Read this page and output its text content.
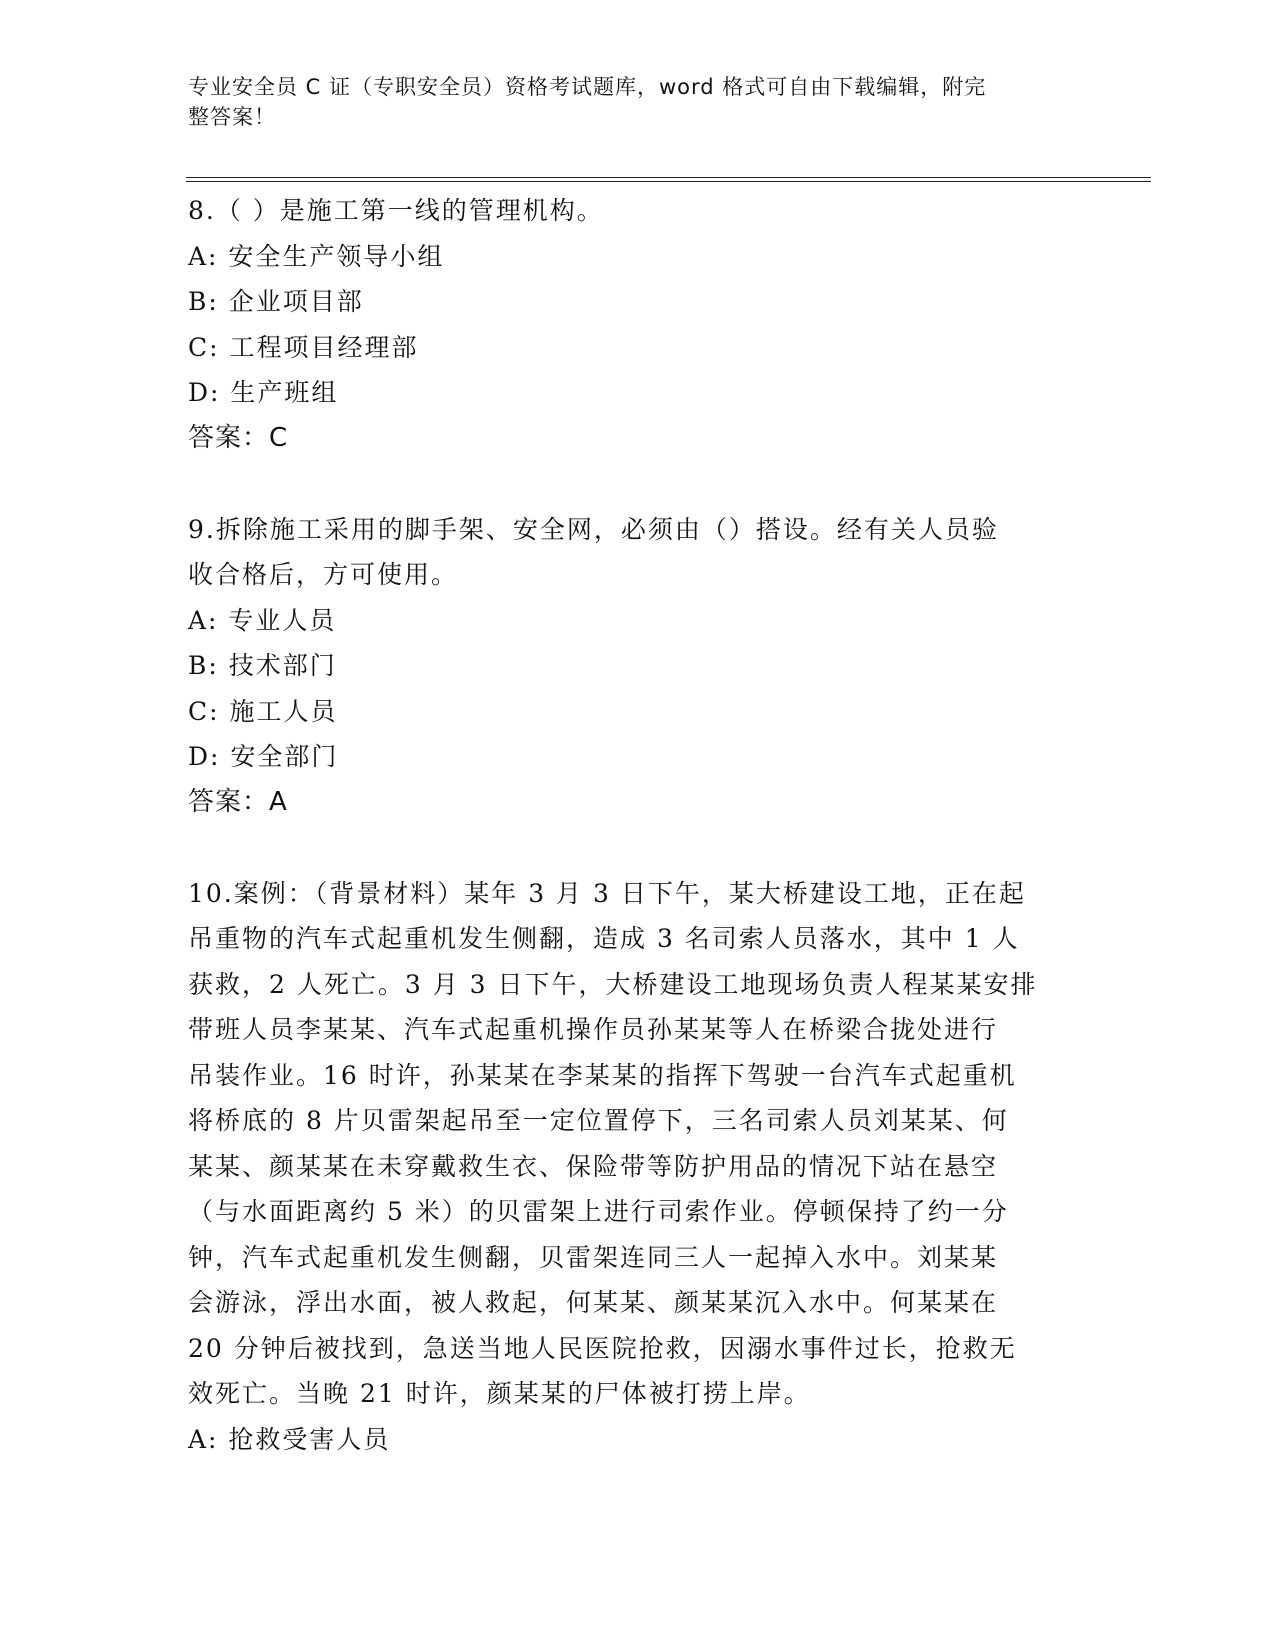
专业安全员 C 证（专职安全员）资格考试题库，word 格式可自由下载编辑，附完
整答案！
8.（ ）是施工第一线的管理机构。
A: 安全生产领导小组
B: 企业项目部
C: 工程项目经理部
D: 生产班组
答案：C
9.拆除施工采用的脚手架、安全网，必须由（）搭设。经有关人员验
收合格后，方可使用。
A: 专业人员
B: 技术部门
C: 施工人员
D: 安全部门
答案：A
10.案例：（背景材料）某年 3 月 3 日下午，某大桥建设工地，正在起
吊重物的汽车式起重机发生侧翻，造成 3 名司索人员落水，其中 1 人
获救，2 人死亡。3 月 3 日下午，大桥建设工地现场负责人程某某安排
带班人员李某某、汽车式起重机操作员孙某某等人在桥梁合拢处进行
吊装作业。16 时许，孙某某在李某某的指挥下驾驶一台汽车式起重机
将桥底的 8 片贝雷架起吊至一定位置停下，三名司索人员刘某某、何
某某、颜某某在未穿戴救生衣、保险带等防护用品的情况下站在悬空
（与水面距离约 5 米）的贝雷架上进行司索作业。停顿保持了约一分
钟，汽车式起重机发生侧翻，贝雷架连同三人一起掉入水中。刘某某
会游泳，浮出水面，被人救起，何某某、颜某某沉入水中。何某某在
20 分钟后被找到，急送当地人民医院抢救，因溺水事件过长，抢救无
效死亡。当晚 21 时许，颜某某的尸体被打捞上岸。
A: 抢救受害人员
